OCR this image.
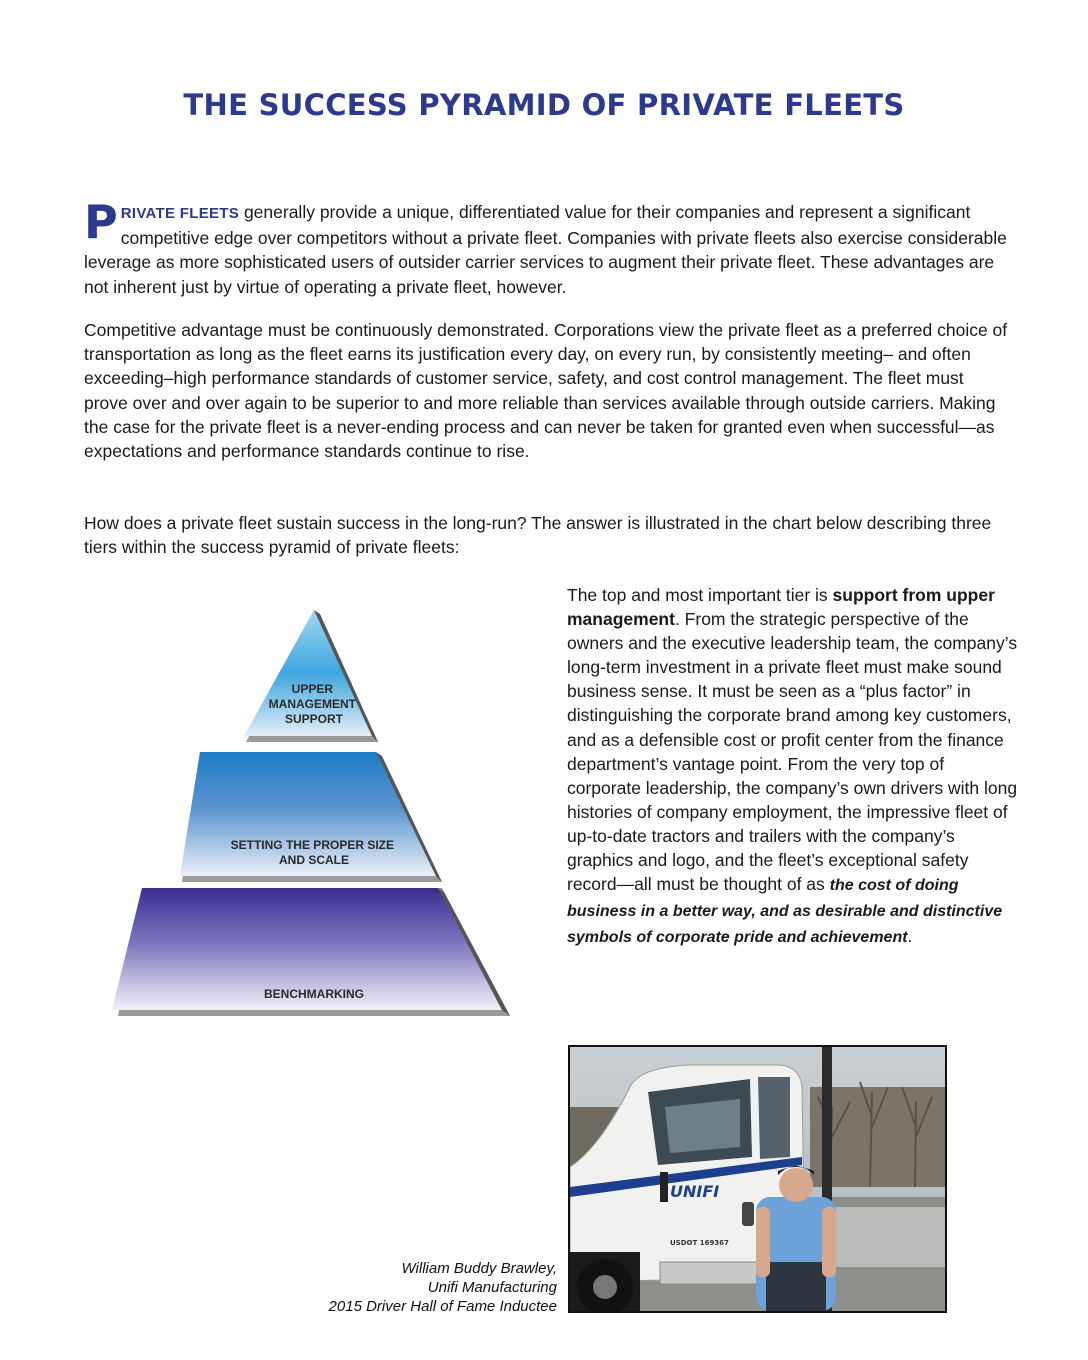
THE SUCCESS PYRAMID OF PRIVATE FLEETS

PRIVATE FLEETS generally provide a unique, differentiated value for their companies and represent a significant competitive edge over competitors without a private fleet. Companies with private fleets also exercise considerable leverage as more sophisticated users of outsider carrier services to augment their private fleet. These advantages are not inherent just by virtue of operating a private fleet, however.

Competitive advantage must be continuously demonstrated. Corporations view the private fleet as a preferred choice of transportation as long as the fleet earns its justification every day, on every run, by consistently meeting– and often exceeding–high performance standards of customer service, safety, and cost control management. The fleet must prove over and over again to be superior to and more reliable than services available through outside carriers. Making the case for the private fleet is a never-ending process and can never be taken for granted even when successful—as expectations and performance standards continue to rise.

How does a private fleet sustain success in the long-run? The answer is illustrated in the chart below describing three tiers within the success pyramid of private fleets:

UPPER MANAGEMENT SUPPORT
SETTING THE PROPER SIZE AND SCALE
BENCHMARKING
The top and most important tier is support from upper management. From the strategic perspective of the owners and the executive leadership team, the company’s long-term investment in a private fleet must make sound business sense. It must be seen as a “plus factor” in distinguishing the corporate brand among key customers, and as a defensible cost or profit center from the finance department’s vantage point. From the very top of corporate leadership, the company’s own drivers with long histories of company employment, the impressive fleet of up-to-date tractors and trailers with the company’s graphics and logo, and the fleet’s exceptional safety record—all must be thought of as the cost of doing business in a better way, and as desirable and distinctive symbols of corporate pride and achievement.
UNIFI
USDOT 169367
William Buddy Brawley,
Unifi Manufacturing
2015 Driver Hall of Fame Inductee
